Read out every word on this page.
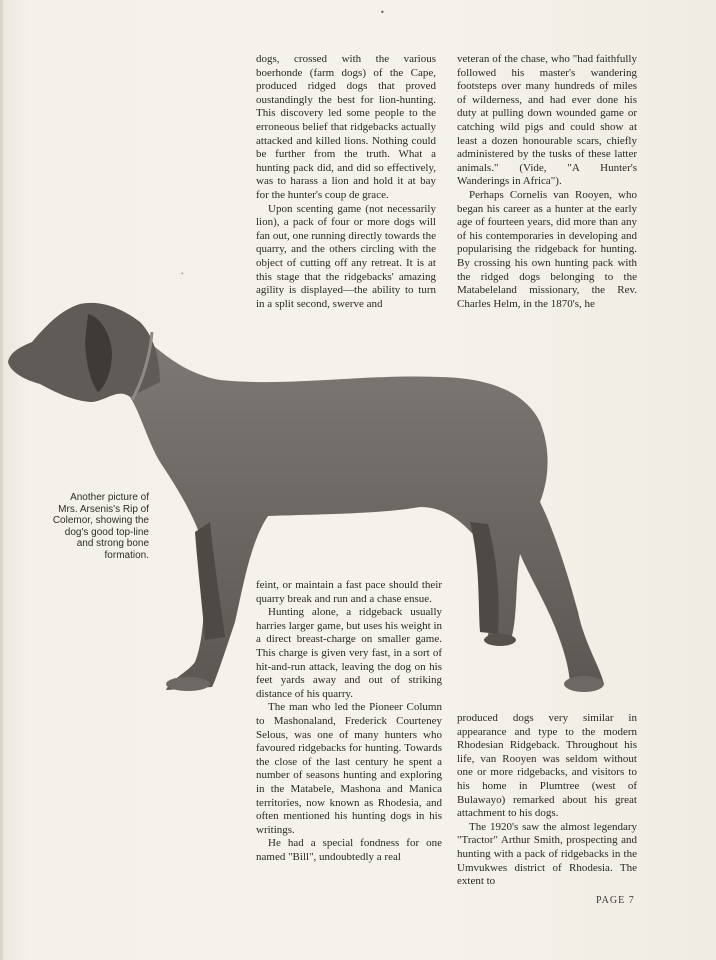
dogs, crossed with the various boerhonde (farm dogs) of the Cape, produced ridged dogs that proved oustandingly the best for lion-hunting. This discovery led some people to the erroneous belief that ridgebacks actually attacked and killed lions. Nothing could be further from the truth. What a hunting pack did, and did so effectively, was to harass a lion and hold it at bay for the hunter's coup de grace.

Upon scenting game (not necessarily lion), a pack of four or more dogs will fan out, one running directly towards the quarry, and the others circling with the object of cutting off any retreat. It is at this stage that the ridgebacks' amazing agility is displayed—the ability to turn in a split second, swerve and

veteran of the chase, who "had faithfully followed his master's wandering footsteps over many hundreds of miles of wilderness, and had ever done his duty at pulling down wounded game or catching wild pigs and could show at least a dozen honourable scars, chiefly administered by the tusks of these latter animals." (Vide, "A Hunter's Wanderings in Africa").

Perhaps Cornelis van Rooyen, who began his career as a hunter at the early age of fourteen years, did more than any of his contemporaries in developing and popularising the ridgeback for hunting. By crossing his own hunting pack with the ridged dogs belonging to the Matabeleland missionary, the Rev. Charles Helm, in the 1870's, he

feint, or maintain a fast pace should their quarry break and run and a chase ensue.

Hunting alone, a ridgeback usually harries larger game, but uses his weight in a direct breast-charge on smaller game. This charge is given very fast, in a sort of hit-and-run attack, leaving the dog on his feet yards away and out of striking distance of his quarry.

The man who led the Pioneer Column to Mashonaland, Frederick Courteney Selous, was one of many hunters who favoured ridgebacks for hunting. Towards the close of the last century he spent a number of seasons hunting and exploring in the Matabele, Mashona and Manica territories, now known as Rhodesia, and often mentioned his hunting dogs in his writings.

He had a special fondness for one named "Bill", undoubtedly a real

produced dogs very similar in appearance and type to the modern Rhodesian Ridgeback. Throughout his life, van Rooyen was seldom without one or more ridgebacks, and visitors to his home in Plumtree (west of Bulawayo) remarked about his great attachment to his dogs.

The 1920's saw the almost legendary "Tractor" Arthur Smith, prospecting and hunting with a pack of ridgebacks in the Umvukwes district of Rhodesia. The extent to

Another picture of Mrs. Arsenis's Rip of Colemor, showing the dog's good top-line and strong bone formation.
PAGE 7
•
⁺
